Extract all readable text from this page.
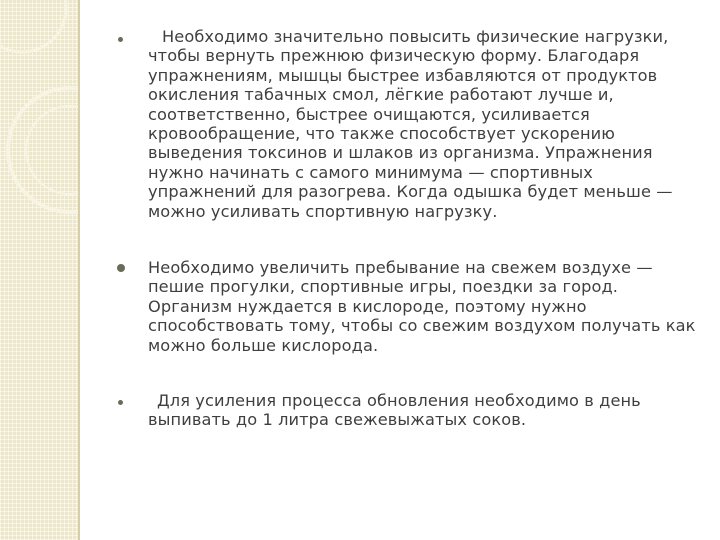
Необходимо значительно повысить физические нагрузки, чтобы вернуть прежнюю физическую форму. Благодаря упражнениям, мышцы быстрее избавляются от продуктов окисления табачных смол, лёгкие работают лучше и, соответственно, быстрее очищаются, усиливается кровообращение, что также способствует ускорению выведения токсинов и шлаков из организма. Упражнения нужно начинать с самого минимума — спортивных упражнений для разогрева. Когда одышка будет меньше — можно усиливать спортивную нагрузку.
Необходимо увеличить пребывание на свежем воздухе — пешие прогулки, спортивные игры, поездки за город. Организм нуждается в кислороде, поэтому нужно способствовать тому, чтобы со свежим воздухом получать как можно больше кислорода.
Для усиления процесса обновления необходимо в день выпивать до 1 литра свежевыжатых соков.
